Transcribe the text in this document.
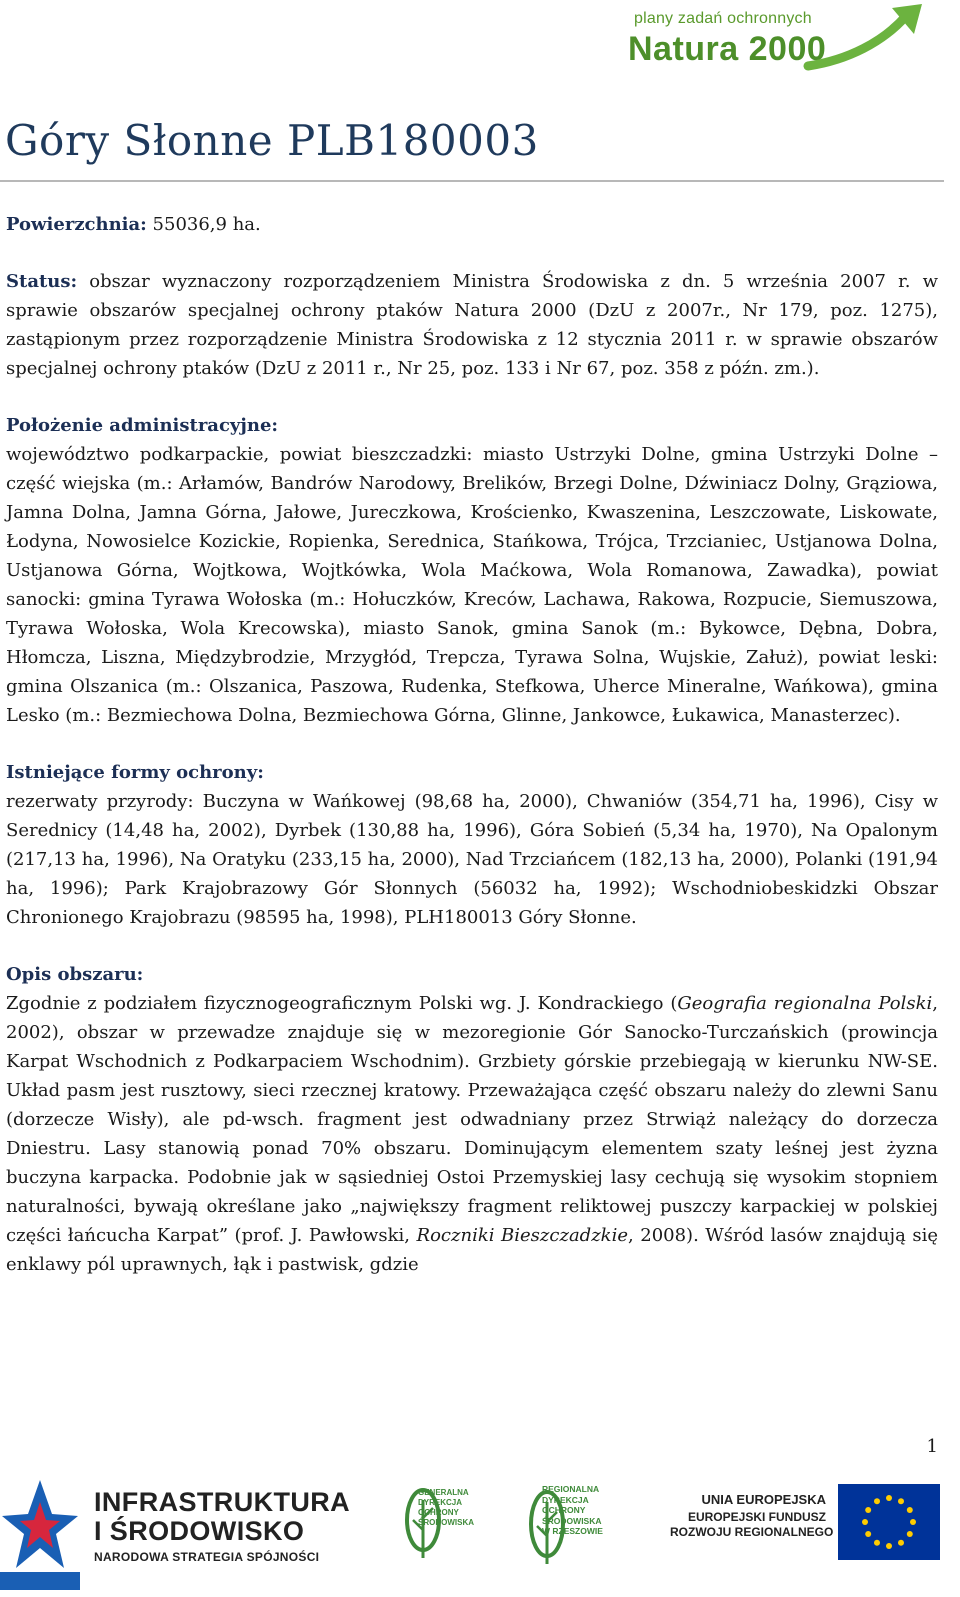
plany zadań ochronnych
Natura 2000
Góry Słonne PLB180003

Powierzchnia: 55036,9 ha.

Status: obszar wyznaczony rozporządzeniem Ministra Środowiska z dn. 5 września 2007 r. w sprawie obszarów specjalnej ochrony ptaków Natura 2000 (DzU z 2007r., Nr 179, poz. 1275), zastąpionym przez rozporządzenie Ministra Środowiska z 12 stycznia 2011 r. w sprawie obszarów specjalnej ochrony ptaków (DzU z 2011 r., Nr 25, poz. 133 i Nr 67, poz. 358 z późn. zm.).

Położenie administracyjne:
województwo podkarpackie, powiat bieszczadzki: miasto Ustrzyki Dolne, gmina Ustrzyki Dolne – część wiejska (m.: Arłamów, Bandrów Narodowy, Brelików, Brzegi Dolne, Dźwiniacz Dolny, Grąziowa, Jamna Dolna, Jamna Górna, Jałowe, Jureczkowa, Krościenko, Kwaszenina, Leszczowate, Liskowate, Łodyna, Nowosielce Kozickie, Ropienka, Serednica, Stańkowa, Trójca, Trzcianiec, Ustjanowa Dolna, Ustjanowa Górna, Wojtkowa, Wojtkówka, Wola Maćkowa, Wola Romanowa, Zawadka), powiat sanocki: gmina Tyrawa Wołoska (m.: Hołuczków, Kreców, Lachawa, Rakowa, Rozpucie, Siemuszowa, Tyrawa Wołoska, Wola Krecowska), miasto Sanok, gmina Sanok (m.: Bykowce, Dębna, Dobra, Hłomcza, Liszna, Międzybrodzie, Mrzygłód, Trepcza, Tyrawa Solna, Wujskie, Załuż), powiat leski: gmina Olszanica (m.: Olszanica, Paszowa, Rudenka, Stefkowa, Uherce Mineralne, Wańkowa), gmina Lesko (m.: Bezmiechowa Dolna, Bezmiechowa Górna, Glinne, Jankowce, Łukawica, Manasterzec).

Istniejące formy ochrony:
rezerwaty przyrody: Buczyna w Wańkowej (98,68 ha, 2000), Chwaniów (354,71 ha, 1996), Cisy w Serednicy (14,48 ha, 2002), Dyrbek (130,88 ha, 1996), Góra Sobień (5,34 ha, 1970), Na Opalonym (217,13 ha, 1996), Na Oratyku (233,15 ha, 2000), Nad Trzciańcem (182,13 ha, 2000), Polanki (191,94 ha, 1996); Park Krajobrazowy Gór Słonnych (56032 ha, 1992); Wschodniobeskidzki Obszar Chronionego Krajobrazu (98595 ha, 1998), PLH180013 Góry Słonne.

Opis obszaru:
Zgodnie z podziałem fizycznogeograficznym Polski wg. J. Kondrackiego (Geografia regionalna Polski, 2002), obszar w przewadze znajduje się w mezoregionie Gór Sanocko-Turczańskich (prowincja Karpat Wschodnich z Podkarpaciem Wschodnim). Grzbiety górskie przebiegają w kierunku NW-SE. Układ pasm jest rusztowy, sieci rzecznej kratowy. Przeważająca część obszaru należy do zlewni Sanu (dorzecze Wisły), ale pd-wsch. fragment jest odwadniany przez Strwiąż należący do dorzecza Dniestru. Lasy stanowią ponad 70% obszaru. Dominującym elementem szaty leśnej jest żyzna buczyna karpacka. Podobnie jak w sąsiedniej Ostoi Przemyskiej lasy cechują się wysokim stopniem naturalności, bywają określane jako „największy fragment reliktowej puszczy karpackiej w polskiej części łańcucha Karpat” (prof. J. Pawłowski, Roczniki Bieszczadzkie, 2008). Wśród lasów znajdują się enklawy pól uprawnych, łąk i pastwisk, gdzie

1
INFRASTRUKTURA
I ŚRODOWISKO
NARODOWA STRATEGIA SPÓJNOŚCI
GENERALNA
DYREKCJA
OCHRONY
ŚRODOWISKA
REGIONALNA
DYREKCJA
OCHRONY
ŚRODOWISKA
W RZESZOWIE
UNIA EUROPEJSKA
EUROPEJSKI FUNDUSZ
ROZWOJU REGIONALNEGO
